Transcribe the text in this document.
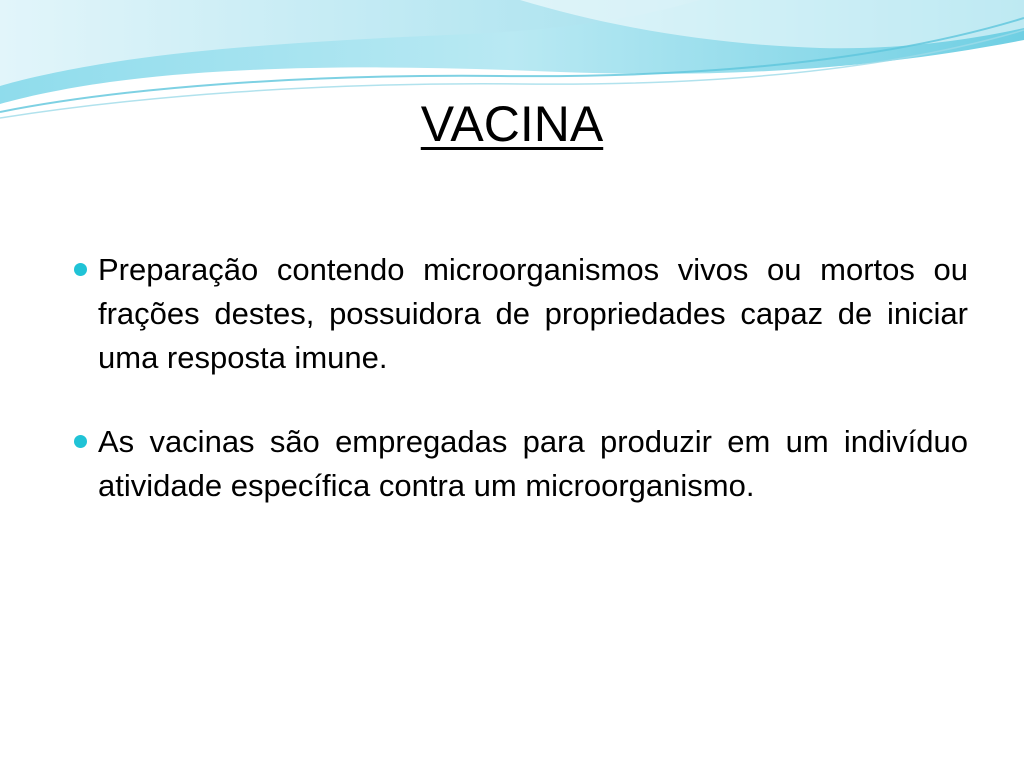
VACINA
Preparação contendo microorganismos vivos ou mortos ou frações destes, possuidora de propriedades capaz de iniciar uma resposta imune.
As vacinas são empregadas para produzir em um indivíduo atividade específica contra um microorganismo.
